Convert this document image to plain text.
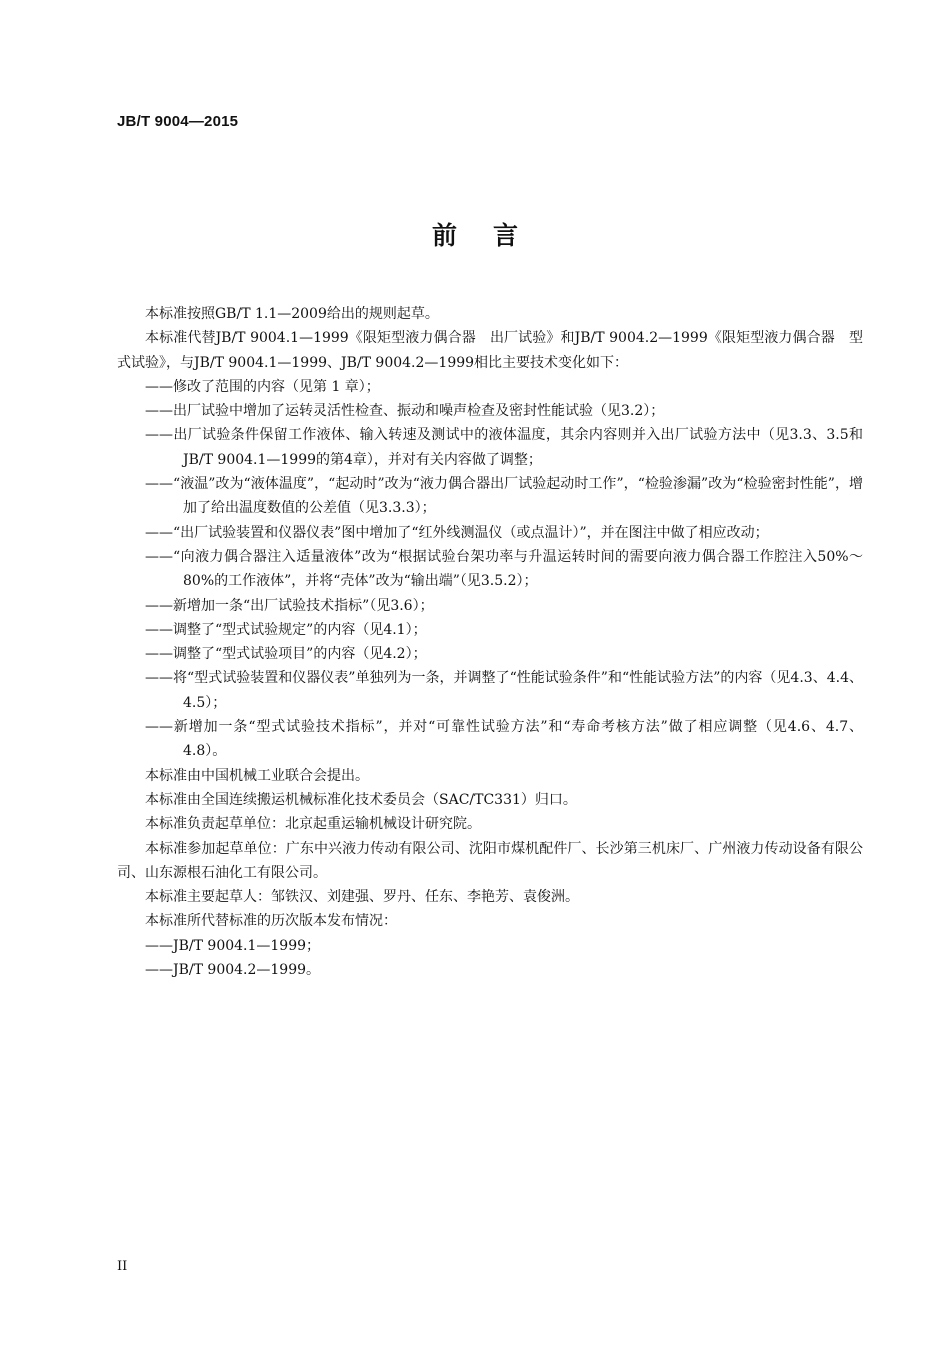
JB/T 9004—2015
前言

本标准按照GB/T 1.1—2009给出的规则起草。

本标准代替JB/T 9004.1—1999《限矩型液力偶合器　出厂试验》和JB/T 9004.2—1999《限矩型液力偶合器　型式试验》，与JB/T 9004.1—1999、JB/T 9004.2—1999相比主要技术变化如下：

——修改了范围的内容（见第 1 章）；

——出厂试验中增加了运转灵活性检查、振动和噪声检查及密封性能试验（见3.2）；

——出厂试验条件保留工作液体、输入转速及测试中的液体温度，其余内容则并入出厂试验方法中（见3.3、3.5和JB/T 9004.1—1999的第4章），并对有关内容做了调整；

——“液温”改为“液体温度”，“起动时”改为“液力偶合器出厂试验起动时工作”，“检验渗漏”改为“检验密封性能”，增加了给出温度数值的公差值（见3.3.3）；

——“出厂试验装置和仪器仪表”图中增加了“红外线测温仪（或点温计）”，并在图注中做了相应改动；

——“向液力偶合器注入适量液体”改为“根据试验台架功率与升温运转时间的需要向液力偶合器工作腔注入50%～80%的工作液体”，并将“壳体”改为“输出端”（见3.5.2）；

——新增加一条“出厂试验技术指标”（见3.6）；

——调整了“型式试验规定”的内容（见4.1）；

——调整了“型式试验项目”的内容（见4.2）；

——将“型式试验装置和仪器仪表”单独列为一条，并调整了“性能试验条件”和“性能试验方法”的内容（见4.3、4.4、4.5）；

——新增加一条“型式试验技术指标”，并对“可靠性试验方法”和“寿命考核方法”做了相应调整（见4.6、4.7、4.8）。

本标准由中国机械工业联合会提出。

本标准由全国连续搬运机械标准化技术委员会（SAC/TC331）归口。

本标准负责起草单位：北京起重运输机械设计研究院。

本标准参加起草单位：广东中兴液力传动有限公司、沈阳市煤机配件厂、长沙第三机床厂、广州液力传动设备有限公司、山东源根石油化工有限公司。

本标准主要起草人：邹铁汉、刘建强、罗丹、任东、李艳芳、袁俊洲。

本标准所代替标准的历次版本发布情况：

——JB/T 9004.1—1999；

——JB/T 9004.2—1999。

II
